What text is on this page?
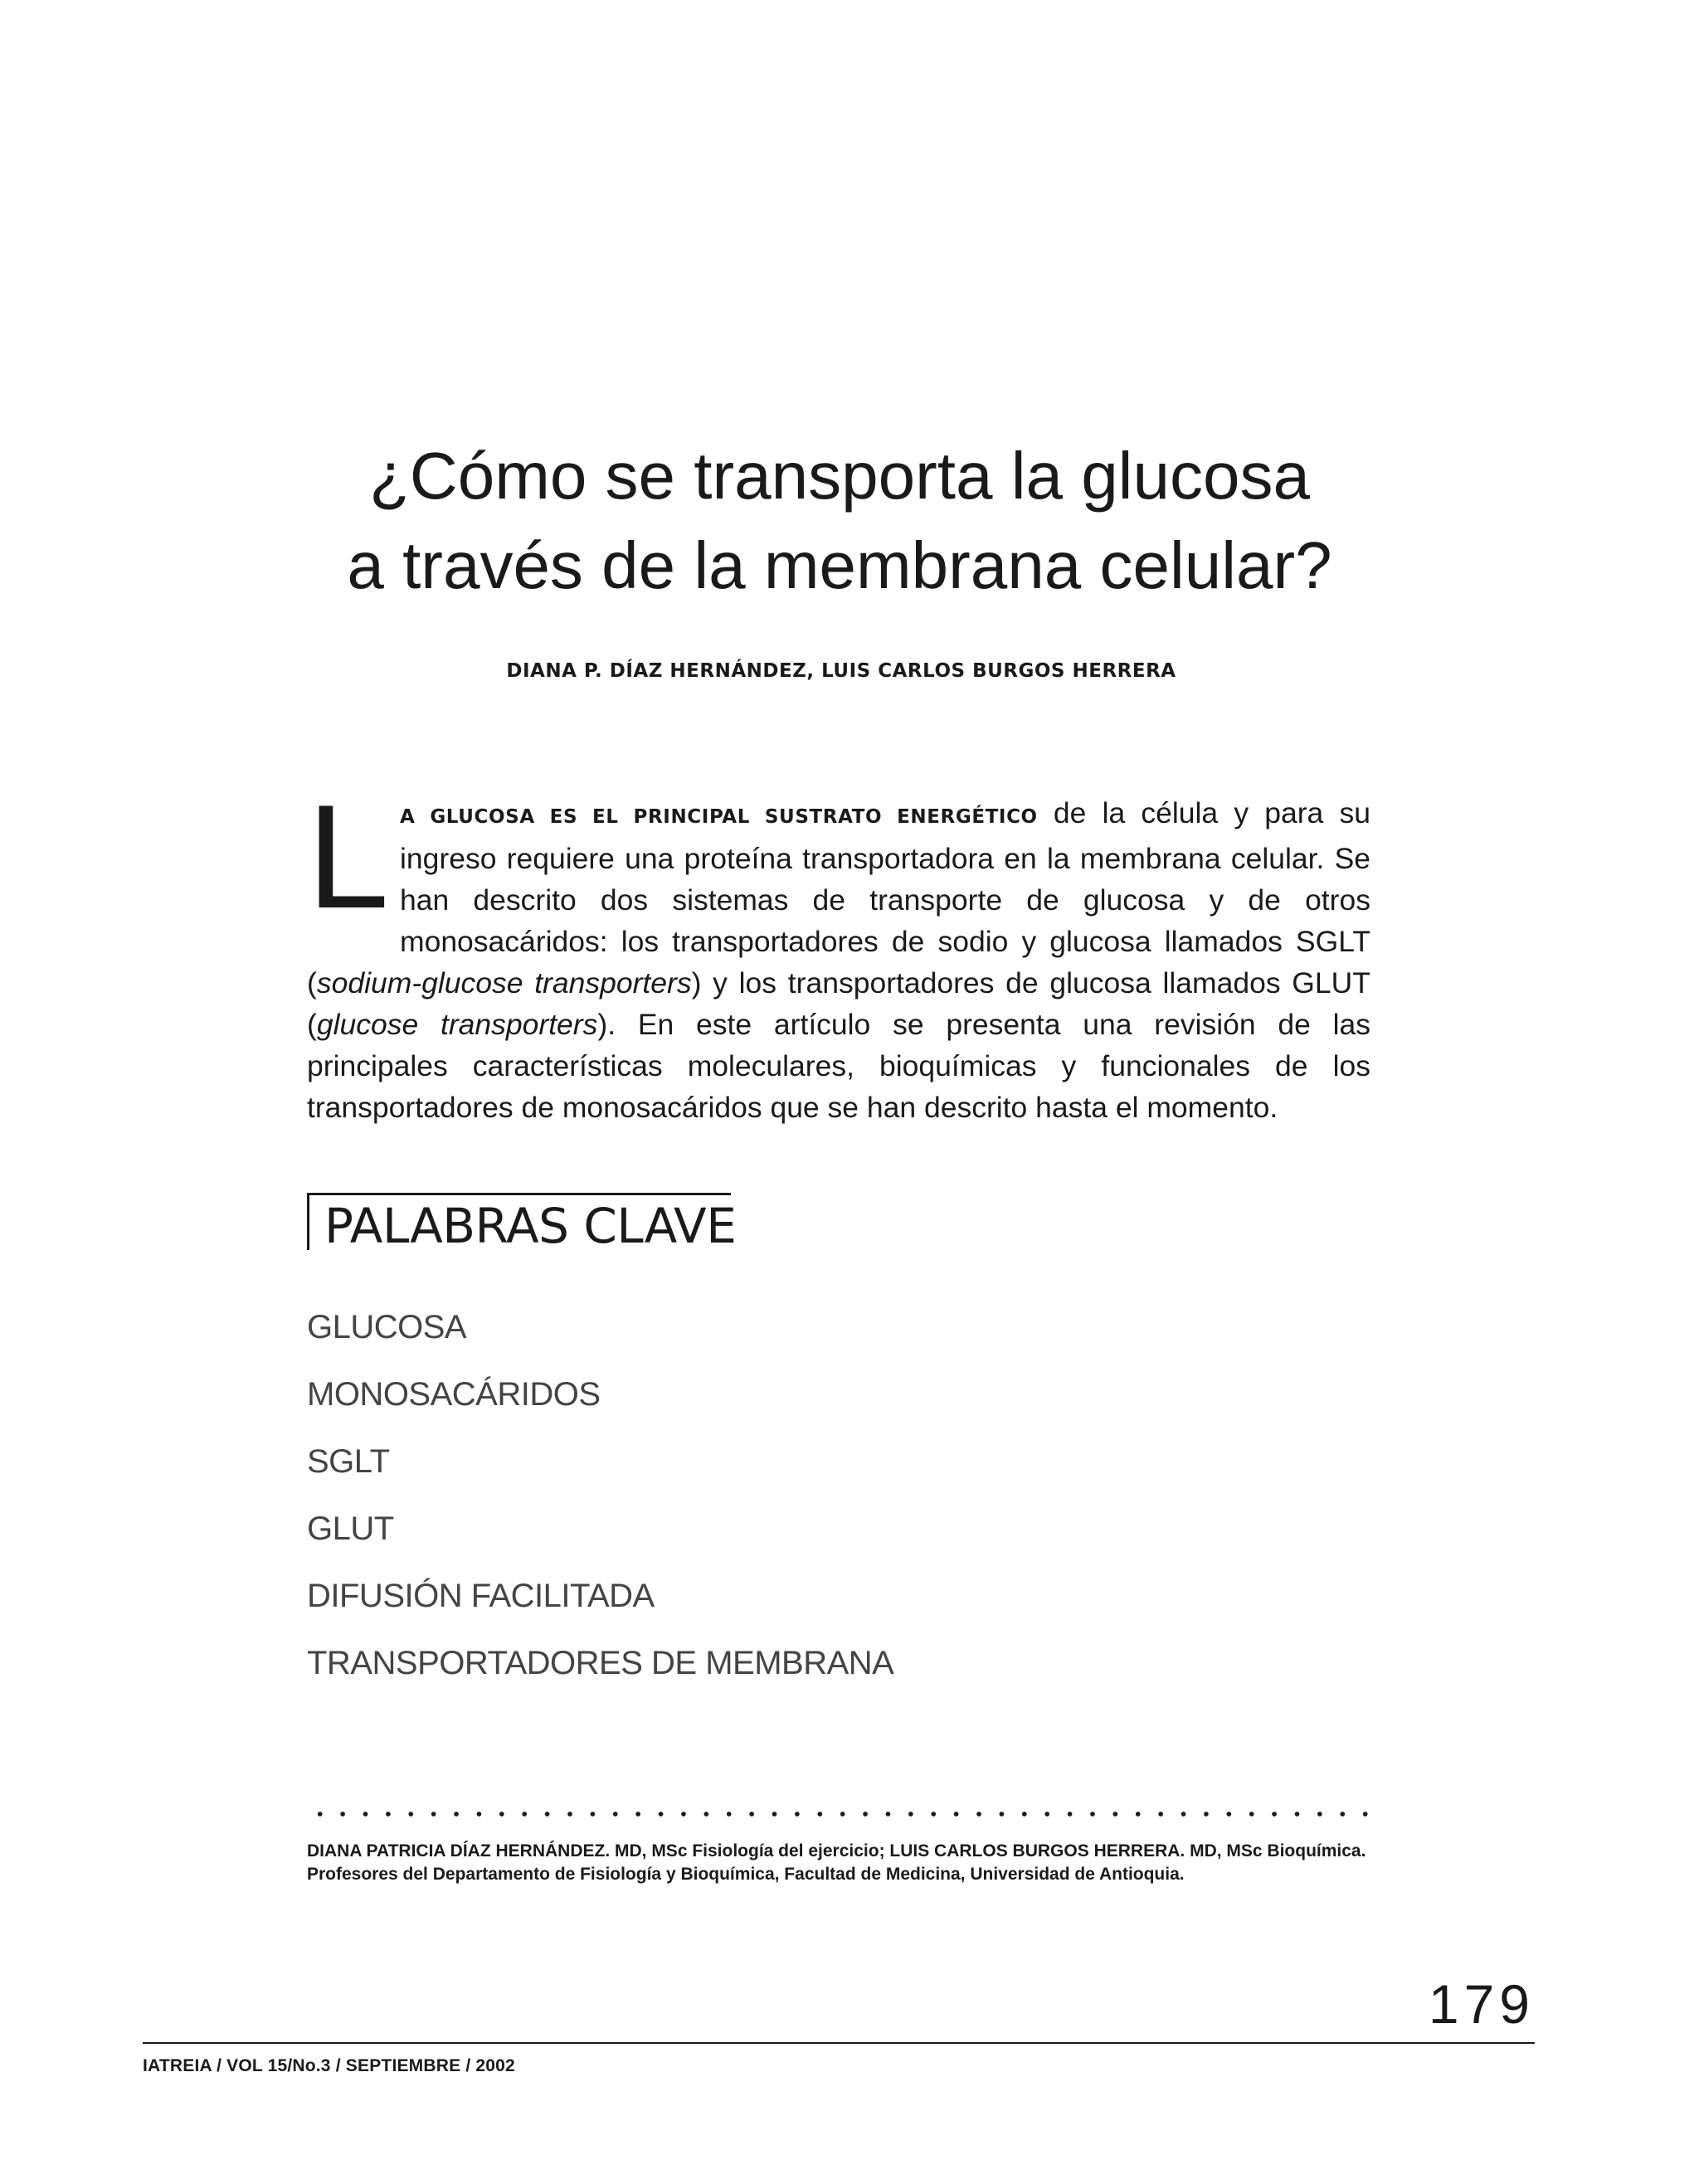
¿Cómo se transporta la glucosa
a través de la membrana celular?
DIANA P. DÍAZ HERNÁNDEZ, LUIS CARLOS BURGOS HERRERA
L A GLUCOSA ES EL PRINCIPAL SUSTRATO ENERGÉTICO de la célula y para su ingreso requiere una proteína transportadora en la membrana celular. Se han descrito dos sistemas de transporte de glucosa y de otros monosacáridos: los transportadores de sodio y glucosa llamados SGLT (sodium-glucose transporters) y los transportadores de glucosa llamados GLUT (glucose transporters). En este artículo se presenta una revisión de las principales características moleculares, bioquímicas y funcionales de los transportadores de monosacáridos que se han descrito hasta el momento.

PALABRAS CLAVE
GLUCOSA
MONOSACÁRIDOS
SGLT
GLUT
DIFUSIÓN FACILITADA
TRANSPORTADORES DE MEMBRANA
DIANA PATRICIA DÍAZ HERNÁNDEZ. MD, MSc Fisiología del ejercicio; LUIS CARLOS BURGOS HERRERA. MD, MSc Bioquímica.
Profesores del Departamento de Fisiología y Bioquímica, Facultad de Medicina, Universidad de Antioquia.
179
IATREIA / VOL 15/No.3 / SEPTIEMBRE / 2002
